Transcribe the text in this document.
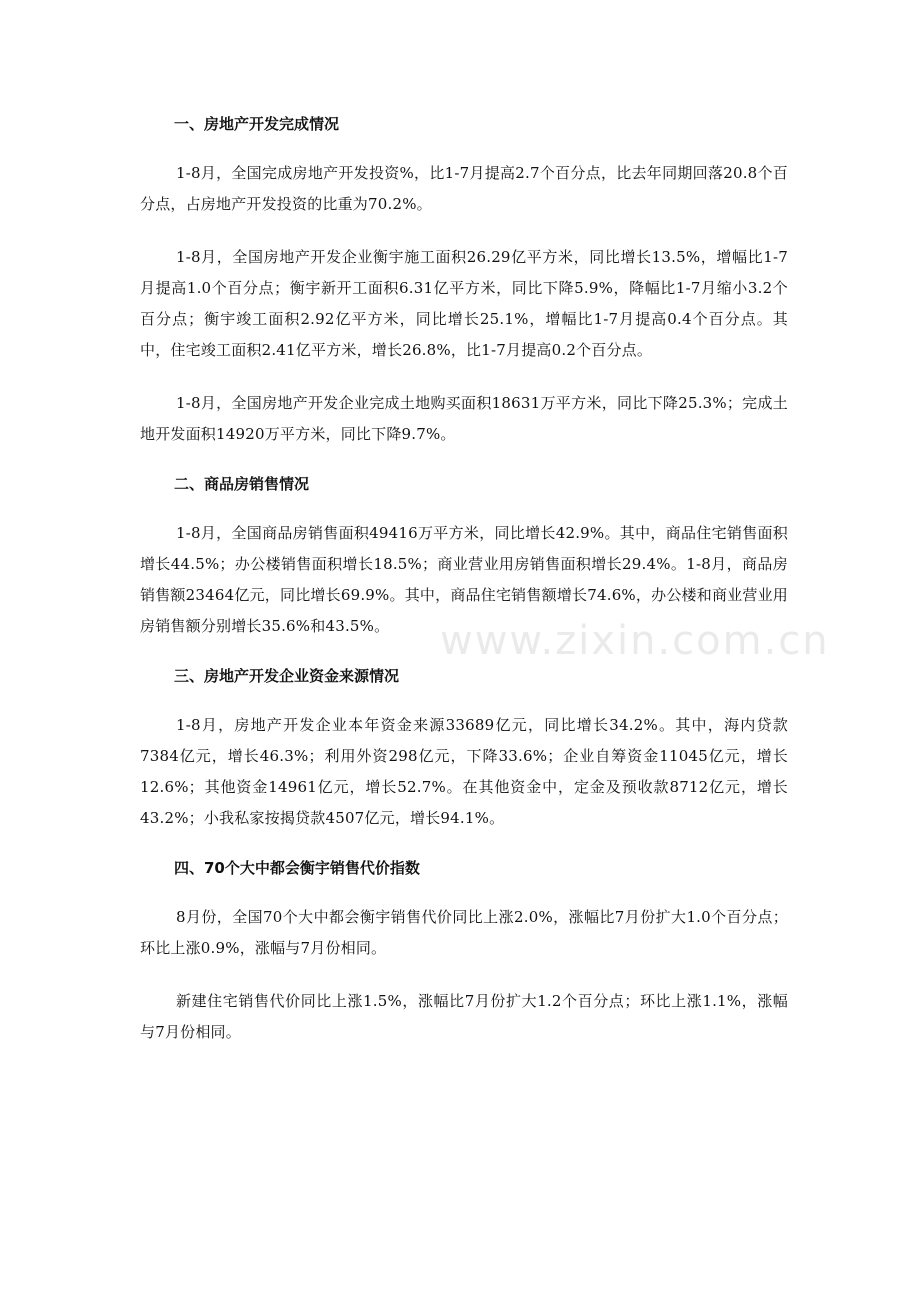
一、房地产开发完成情况

1-8月，全国完成房地产开发投资%，比1-7月提高2.7个百分点，比去年同期回落20.8个百分点，占房地产开发投资的比重为70.2%。

1-8月，全国房地产开发企业衡宇施工面积26.29亿平方米，同比增长13.5%，增幅比1-7月提高1.0个百分点；衡宇新开工面积6.31亿平方米，同比下降5.9%，降幅比1-7月缩小3.2个百分点；衡宇竣工面积2.92亿平方米，同比增长25.1%，增幅比1-7月提高0.4个百分点。其中，住宅竣工面积2.41亿平方米，增长26.8%，比1-7月提高0.2个百分点。

1-8月，全国房地产开发企业完成土地购买面积18631万平方米，同比下降25.3%；完成土地开发面积14920万平方米，同比下降9.7%。

二、商品房销售情况

1-8月，全国商品房销售面积49416万平方米，同比增长42.9%。其中，商品住宅销售面积增长44.5%；办公楼销售面积增长18.5%；商业营业用房销售面积增长29.4%。1-8月，商品房销售额23464亿元，同比增长69.9%。其中，商品住宅销售额增长74.6%，办公楼和商业营业用房销售额分别增长35.6%和43.5%。

三、房地产开发企业资金来源情况

1-8月，房地产开发企业本年资金来源33689亿元，同比增长34.2%。其中，海内贷款7384亿元，增长46.3%；利用外资298亿元，下降33.6%；企业自筹资金11045亿元，增长12.6%；其他资金14961亿元，增长52.7%。在其他资金中，定金及预收款8712亿元，增长43.2%；小我私家按揭贷款4507亿元，增长94.1%。

四、70个大中都会衡宇销售代价指数

8月份，全国70个大中都会衡宇销售代价同比上涨2.0%，涨幅比7月份扩大1.0个百分点；环比上涨0.9%，涨幅与7月份相同。

新建住宅销售代价同比上涨1.5%，涨幅比7月份扩大1.2个百分点；环比上涨1.1%，涨幅与7月份相同。

www.zixin.com.cn
